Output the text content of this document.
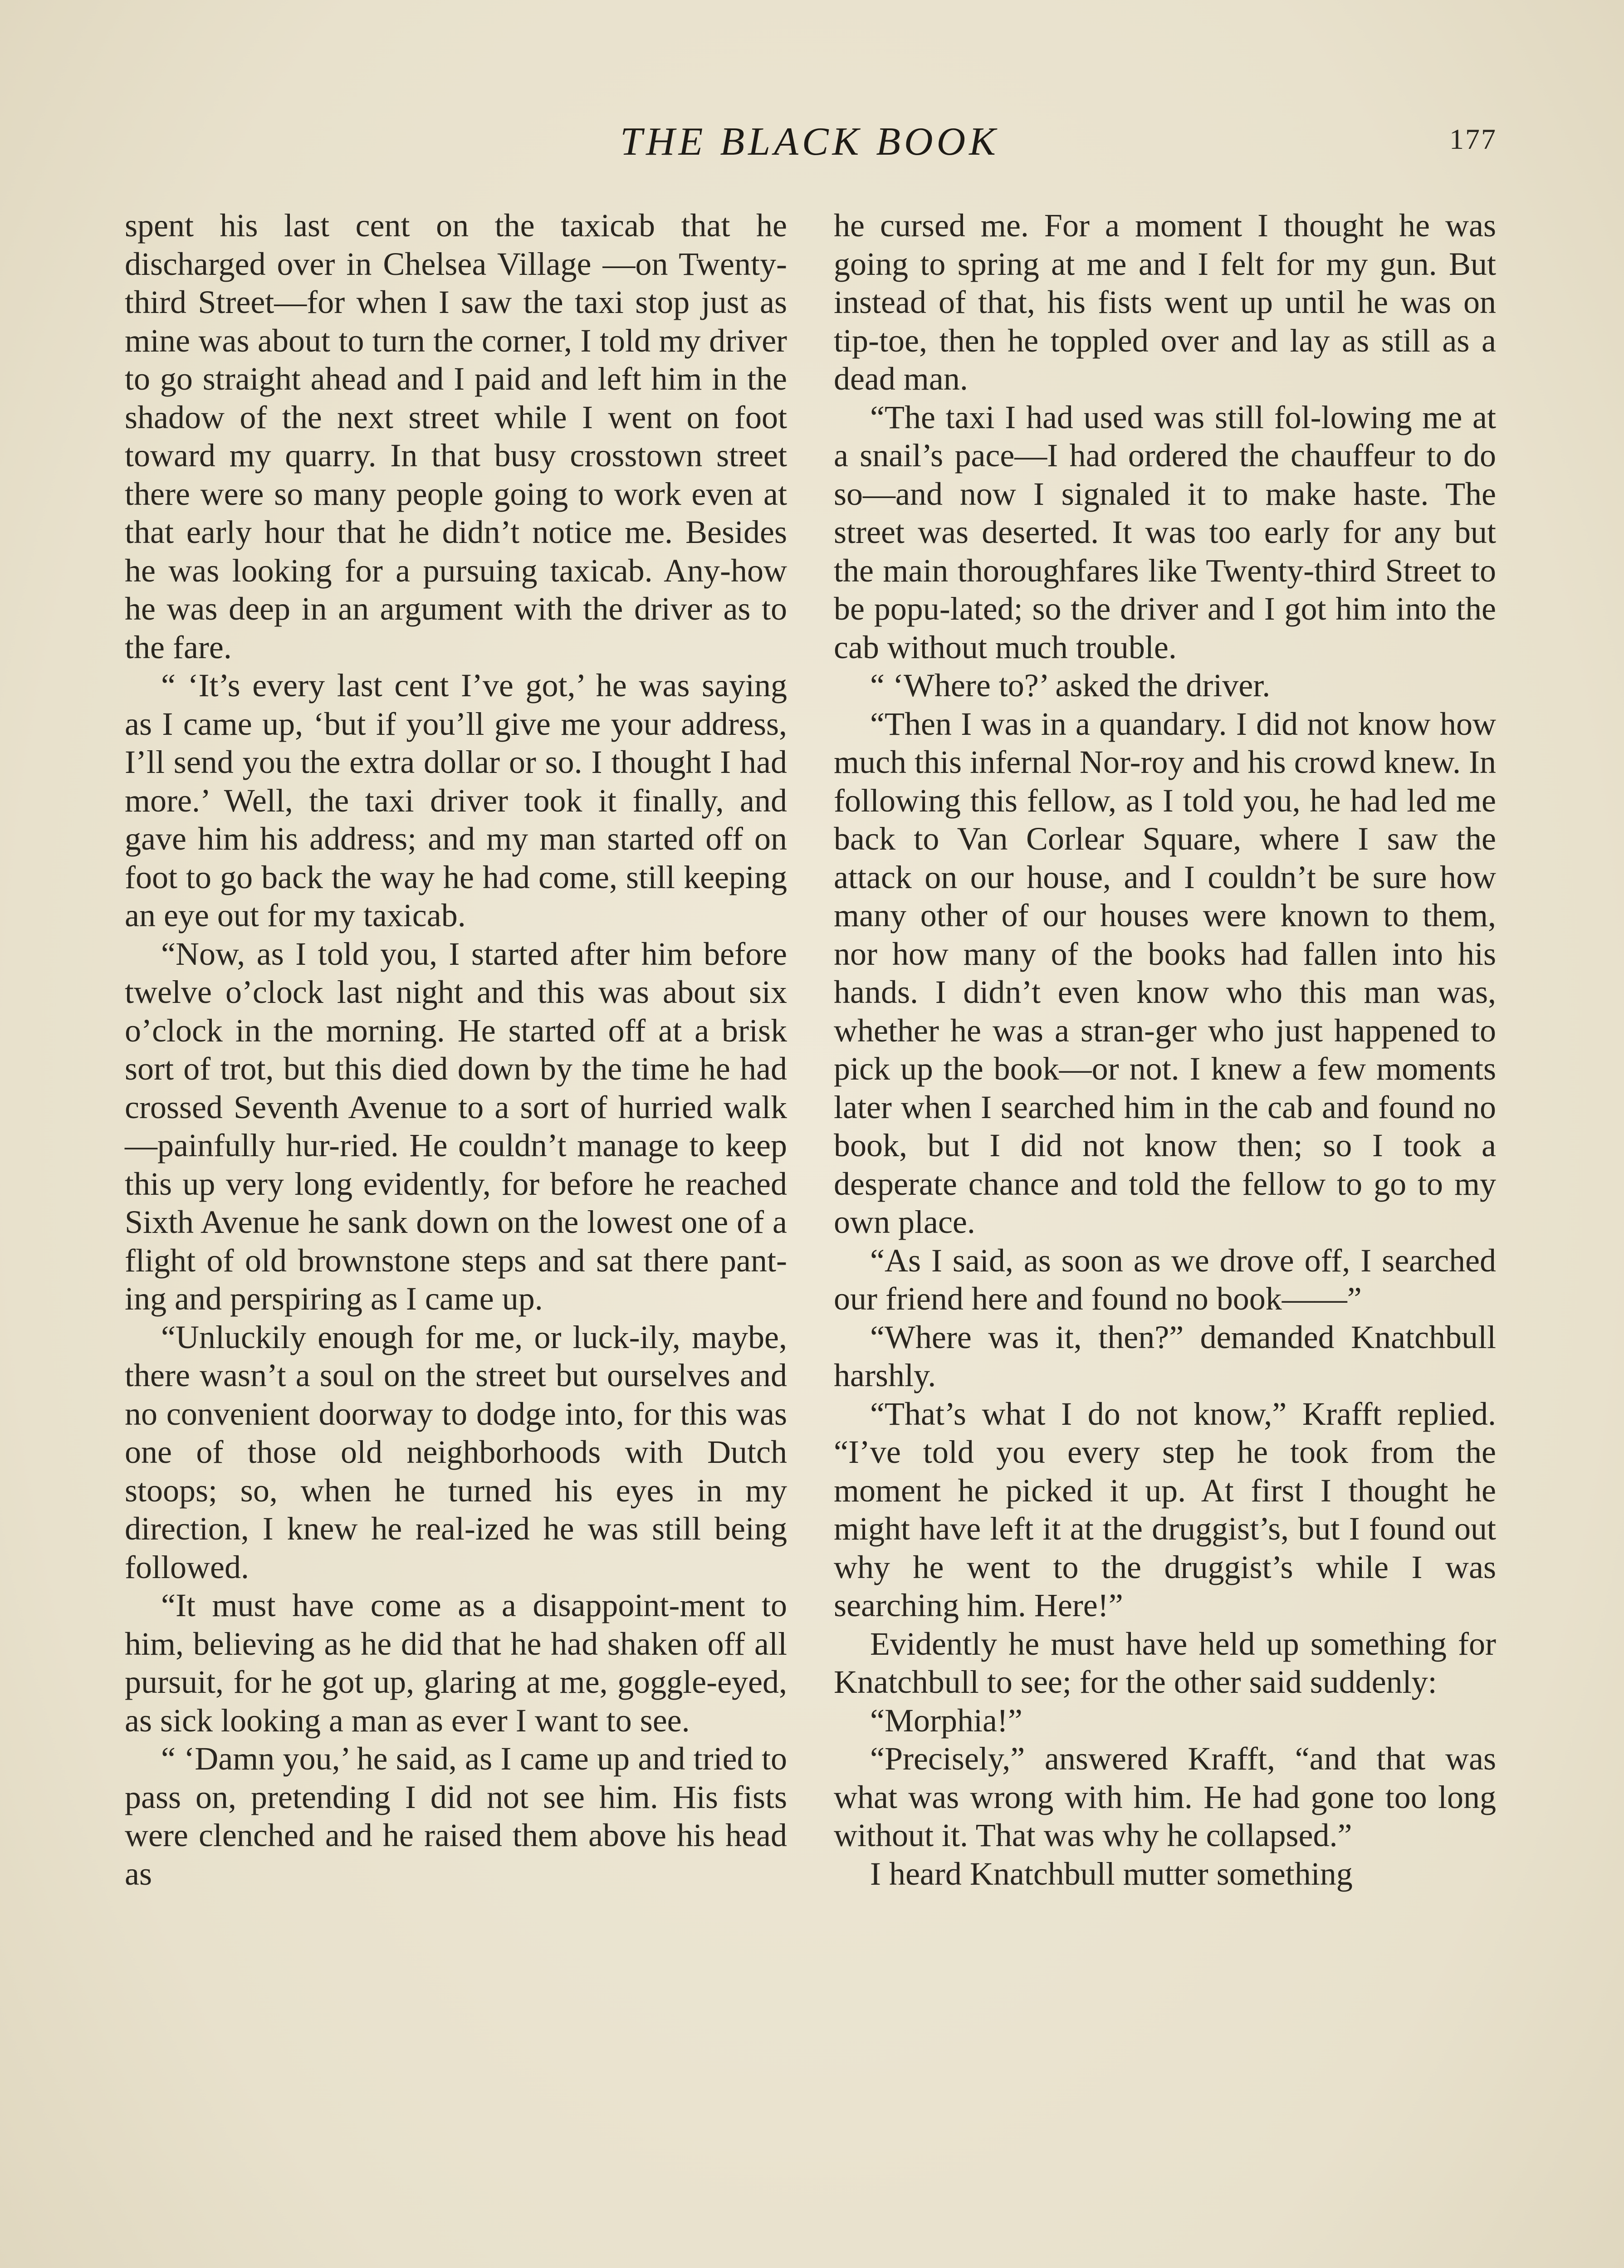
THE BLACK BOOK	177

spent his last cent on the taxicab that he discharged over in Chelsea Village —on Twenty-third Street—for when I saw the taxi stop just as mine was about to turn the corner, I told my driver to go straight ahead and I paid and left him in the shadow of the next street while I went on foot toward my quarry. In that busy crosstown street there were so many people going to work even at that early hour that he didn’t notice me. Besides he was looking for a pursuing taxicab. Any-how he was deep in an argument with the driver as to the fare.

“ ‘It’s every last cent I’ve got,’ he was saying as I came up, ‘but if you’ll give me your address, I’ll send you the extra dollar or so. I thought I had more.’ Well, the taxi driver took it finally, and gave him his address; and my man started off on foot to go back the way he had come, still keeping an eye out for my taxicab.

“Now, as I told you, I started after him before twelve o’clock last night and this was about six o’clock in the morning. He started off at a brisk sort of trot, but this died down by the time he had crossed Seventh Avenue to a sort of hurried walk—painfully hur-ried. He couldn’t manage to keep this up very long evidently, for before he reached Sixth Avenue he sank down on the lowest one of a flight of old brownstone steps and sat there pant-ing and perspiring as I came up.

“Unluckily enough for me, or luck-ily, maybe, there wasn’t a soul on the street but ourselves and no convenient doorway to dodge into, for this was one of those old neighborhoods with Dutch stoops; so, when he turned his eyes in my direction, I knew he real-ized he was still being followed.

“It must have come as a disappoint-ment to him, believing as he did that he had shaken off all pursuit, for he got up, glaring at me, goggle-eyed, as sick looking a man as ever I want to see.

“ ‘Damn you,’ he said, as I came up and tried to pass on, pretending I did not see him. His fists were clenched and he raised them above his head as

he cursed me. For a moment I thought he was going to spring at me and I felt for my gun. But instead of that, his fists went up until he was on tip-toe, then he toppled over and lay as still as a dead man.

“The taxi I had used was still fol-lowing me at a snail’s pace—I had ordered the chauffeur to do so—and now I signaled it to make haste. The street was deserted. It was too early for any but the main thoroughfares like Twenty-third Street to be popu-lated; so the driver and I got him into the cab without much trouble.

“ ‘Where to?’ asked the driver.

“Then I was in a quandary. I did not know how much this infernal Nor-roy and his crowd knew. In following this fellow, as I told you, he had led me back to Van Corlear Square, where I saw the attack on our house, and I couldn’t be sure how many other of our houses were known to them, nor how many of the books had fallen into his hands. I didn’t even know who this man was, whether he was a stran-ger who just happened to pick up the book—or not. I knew a few moments later when I searched him in the cab and found no book, but I did not know then; so I took a desperate chance and told the fellow to go to my own place.

“As I said, as soon as we drove off, I searched our friend here and found no book——”

“Where was it, then?” demanded Knatchbull harshly.

“That’s what I do not know,” Krafft replied. “I’ve told you every step he took from the moment he picked it up. At first I thought he might have left it at the druggist’s, but I found out why he went to the druggist’s while I was searching him. Here!”

Evidently he must have held up something for Knatchbull to see; for the other said suddenly:

“Morphia!”

“Precisely,” answered Krafft, “and that was what was wrong with him. He had gone too long without it. That was why he collapsed.”

I heard Knatchbull mutter something
